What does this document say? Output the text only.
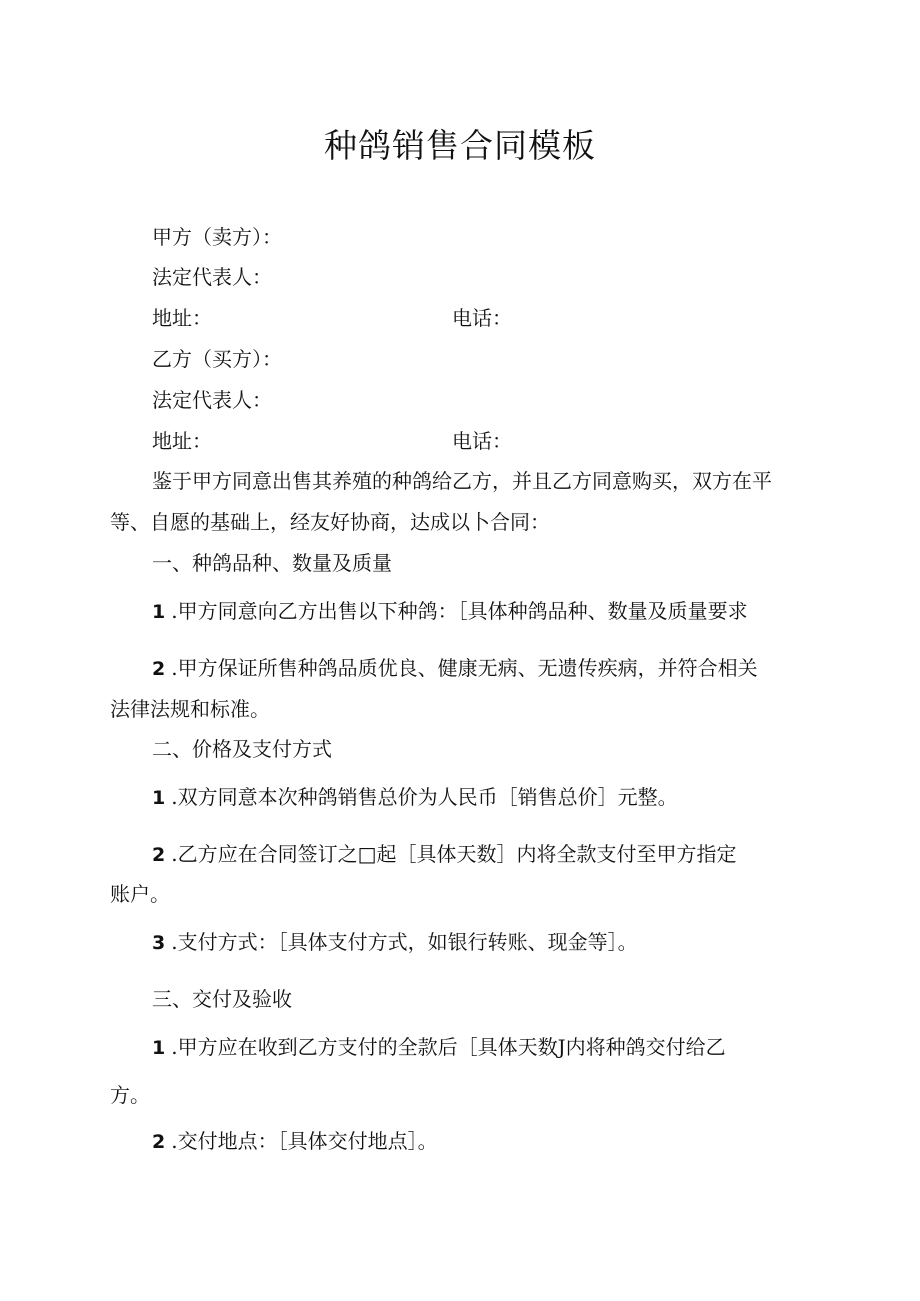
种鸽销售合同模板
甲方（卖方）：
法定代表人：
地址：	电话：
乙方（买方）：
法定代表人：
地址：	电话：
鉴于甲方同意出售其养殖的种鸽给乙方，并且乙方同意购买，双方在平
等、自愿的基础上，经友好协商，达成以卜合同：
一、种鸽品种、数量及质量
1 .甲方同意向乙方出售以下种鸽：［具体种鸽品种、数量及质量要求
2 .甲方保证所售种鸽品质优良、健康无病、无遗传疾病，并符合相关
法律法规和标准。
二、价格及支付方式
1 .双方同意本次种鸽销售总价为人民币［销售总价］元整。
2 .乙方应在合同签订之□起［具体天数］内将全款支付至甲方指定
账户。
3 .支付方式：［具体支付方式，如银行转账、现金等］。
三、交付及验收
1 .甲方应在收到乙方支付的全款后［具体天数J内将种鸽交付给乙
方。
2 .交付地点：［具体交付地点］。
